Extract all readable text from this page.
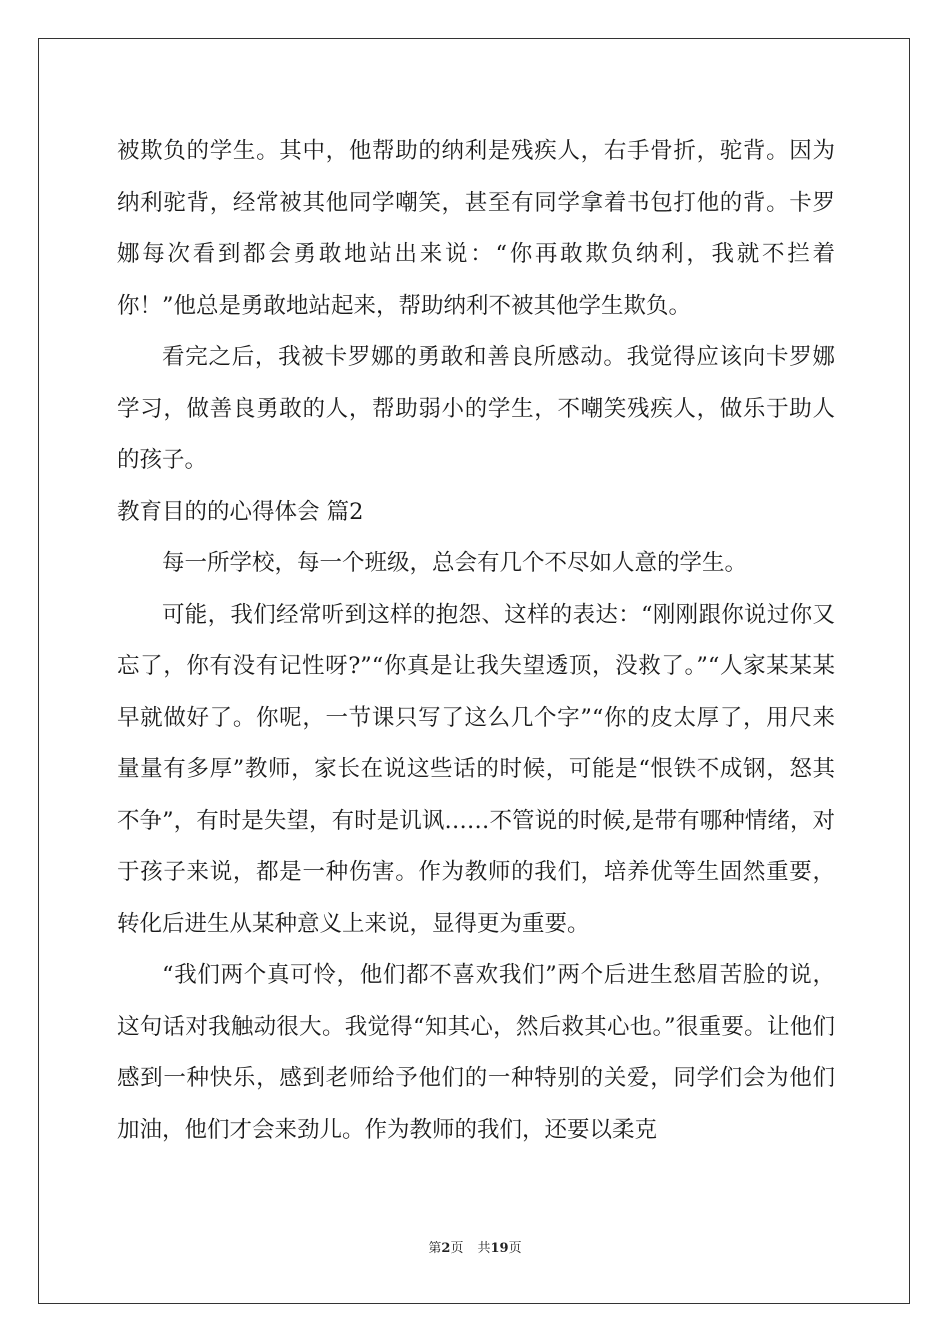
被欺负的学生。其中，他帮助的纳利是残疾人，右手骨折，驼背。因为纳利驼背，经常被其他同学嘲笑，甚至有同学拿着书包打他的背。卡罗娜每次看到都会勇敢地站出来说：“你再敢欺负纳利，我就不拦着你！”他总是勇敢地站起来，帮助纳利不被其他学生欺负。

看完之后，我被卡罗娜的勇敢和善良所感动。我觉得应该向卡罗娜学习，做善良勇敢的人，帮助弱小的学生，不嘲笑残疾人，做乐于助人的孩子。

教育目的的心得体会 篇2

每一所学校，每一个班级，总会有几个不尽如人意的学生。

可能，我们经常听到这样的抱怨、这样的表达：“刚刚跟你说过你又忘了，你有没有记性呀?”“你真是让我失望透顶，没救了。”“人家某某某早就做好了。你呢，一节课只写了这么几个字”“你的皮太厚了，用尺来量量有多厚”教师，家长在说这些话的时候，可能是“恨铁不成钢，怒其不争”，有时是失望，有时是讥讽……不管说的时候,是带有哪种情绪，对于孩子来说，都是一种伤害。作为教师的我们，培养优等生固然重要，转化后进生从某种意义上来说，显得更为重要。

“我们两个真可怜，他们都不喜欢我们”两个后进生愁眉苦脸的说，这句话对我触动很大。我觉得“知其心，然后救其心也。”很重要。让他们感到一种快乐，感到老师给予他们的一种特别的关爱，同学们会为他们加油，他们才会来劲儿。作为教师的我们，还要以柔克

第2页 共19页
